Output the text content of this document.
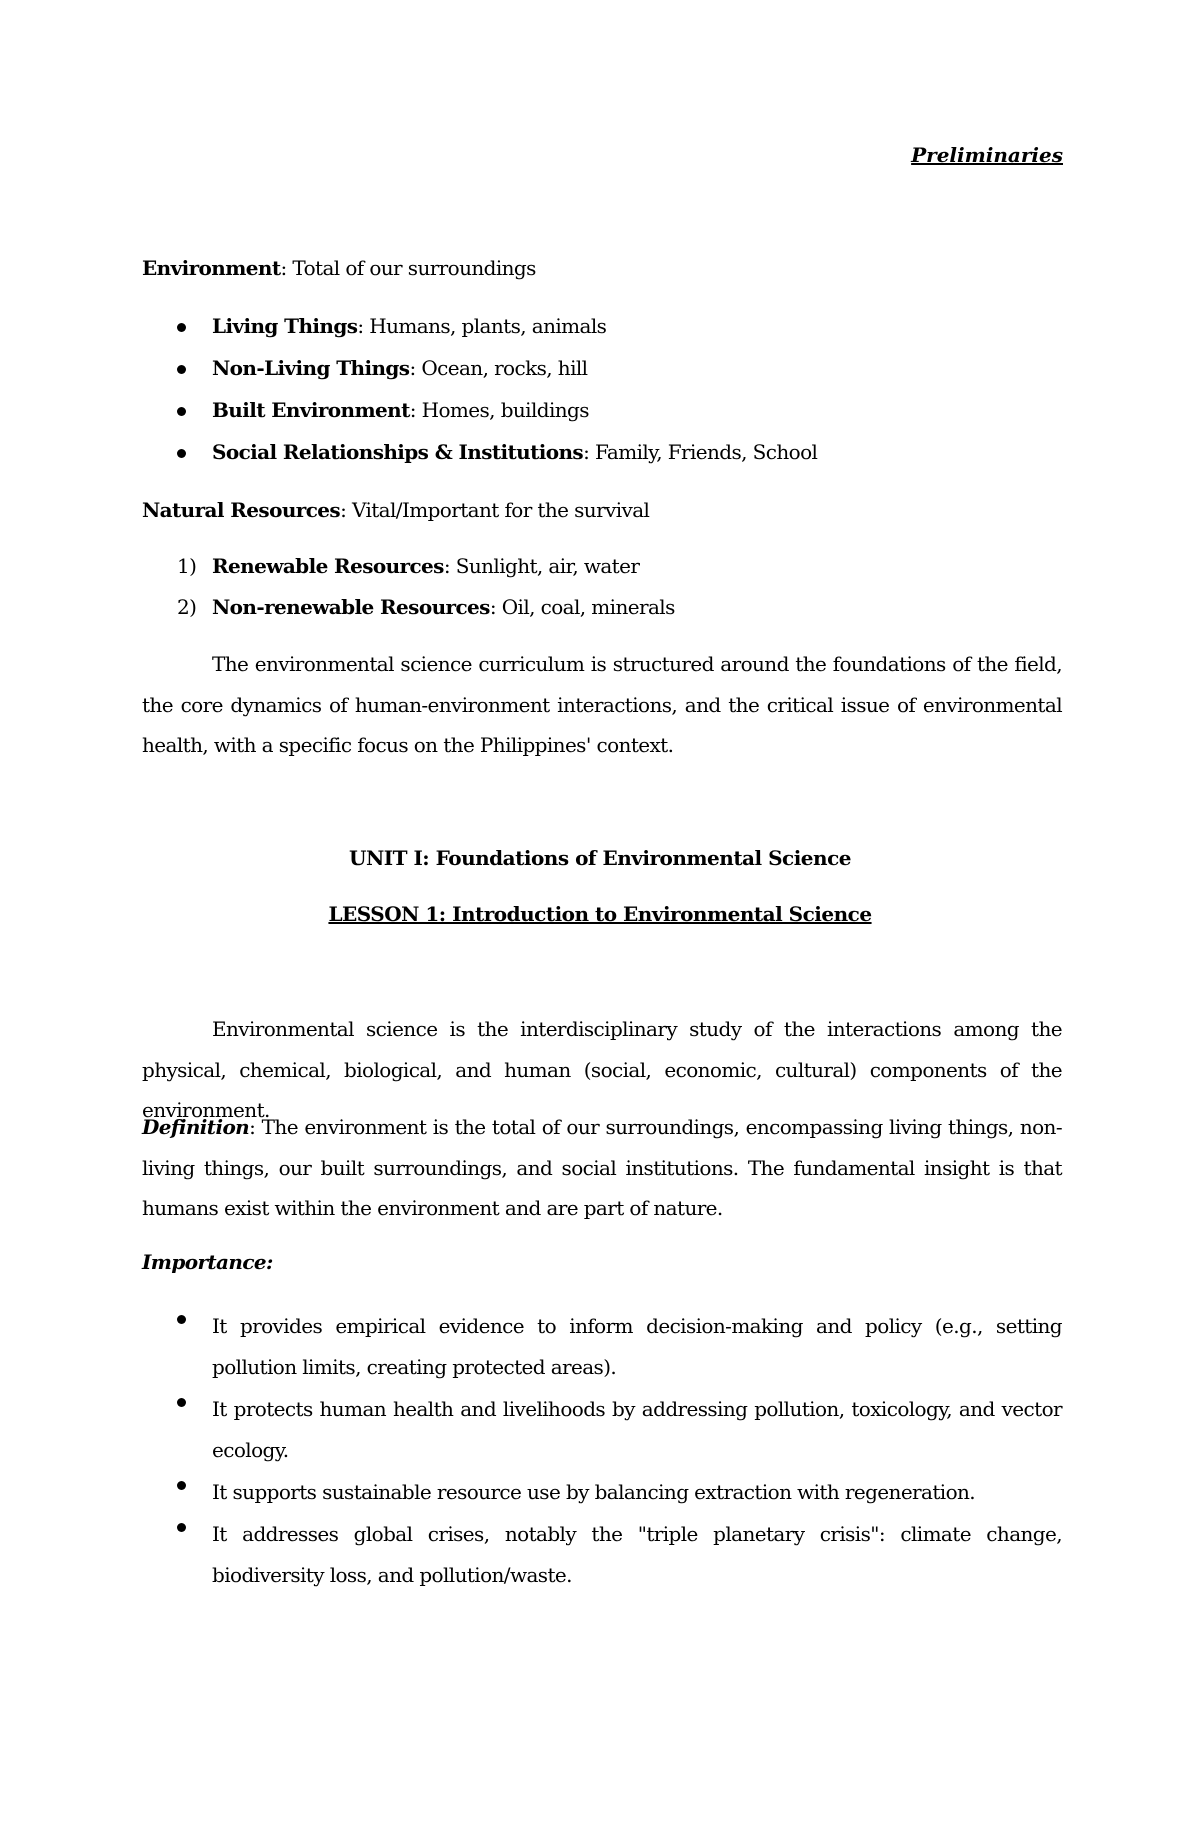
Preliminaries
Environment: Total of our surroundings
Living Things: Humans, plants, animals
Non-Living Things: Ocean, rocks, hill
Built Environment: Homes, buildings
Social Relationships & Institutions: Family, Friends, School
Natural Resources: Vital/Important for the survival
1) Renewable Resources: Sunlight, air, water
2) Non-renewable Resources: Oil, coal, minerals
The environmental science curriculum is structured around the foundations of the field, the core dynamics of human-environment interactions, and the critical issue of environmental health, with a specific focus on the Philippines' context.
UNIT I: Foundations of Environmental Science
LESSON 1: Introduction to Environmental Science
Environmental science is the interdisciplinary study of the interactions among the physical, chemical, biological, and human (social, economic, cultural) components of the environment.
Definition: The environment is the total of our surroundings, encompassing living things, non-living things, our built surroundings, and social institutions. The fundamental insight is that humans exist within the environment and are part of nature.
Importance:
It provides empirical evidence to inform decision-making and policy (e.g., setting pollution limits, creating protected areas).
It protects human health and livelihoods by addressing pollution, toxicology, and vector ecology.
It supports sustainable resource use by balancing extraction with regeneration.
It addresses global crises, notably the "triple planetary crisis": climate change, biodiversity loss, and pollution/waste.
